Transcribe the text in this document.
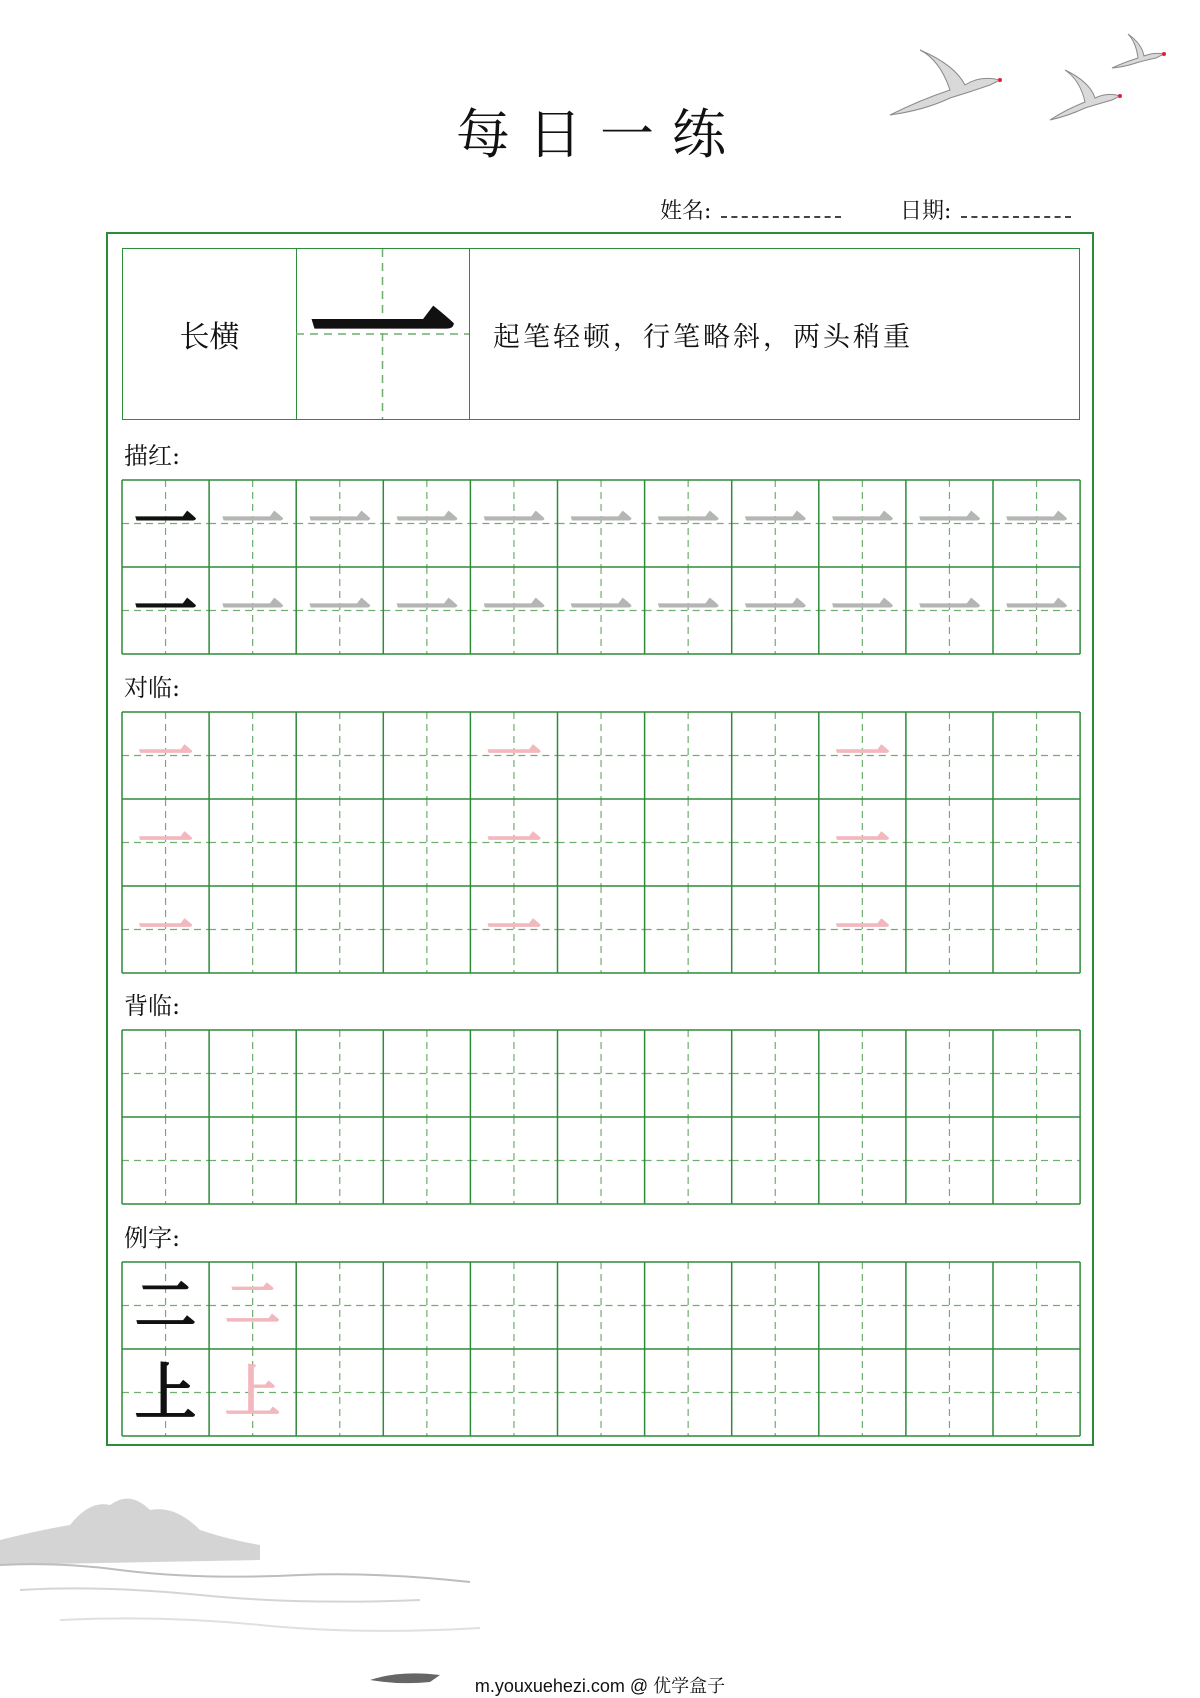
每日一练
姓名:	日期:
长横 一	起笔轻顿，行笔略斜，两头稍重
描红:
对临:
背临:
例字:
一 一 一 一 一 一 一 一 一 一 一
一 一 一 一 一 一 一 一 一 一 一
一	一	一
一	一	一
一	一	一
二 二
上 上
m.youxuehezi.com @ 优学盒子
